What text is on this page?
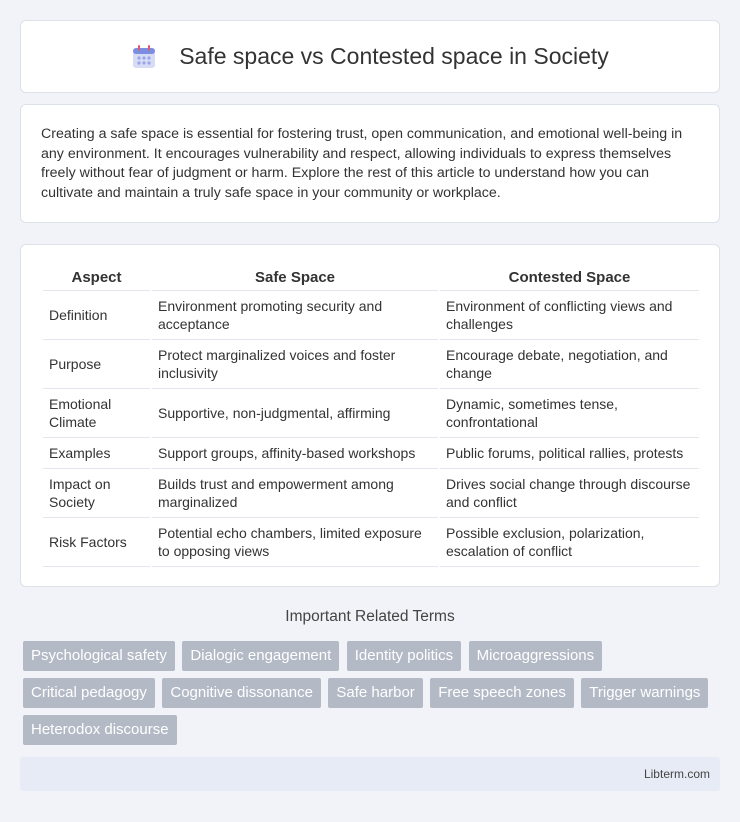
Safe space vs Contested space in Society

Creating a safe space is essential for fostering trust, open communication, and emotional well-being in any environment. It encourages vulnerability and respect, allowing individuals to express themselves freely without fear of judgment or harm. Explore the rest of this article to understand how you can cultivate and maintain a truly safe space in your community or workplace.

Aspect	Safe Space	Contested Space
Definition	Environment promoting security and acceptance	Environment of conflicting views and challenges
Purpose	Protect marginalized voices and foster inclusivity	Encourage debate, negotiation, and change
Emotional Climate	Supportive, non-judgmental, affirming	Dynamic, sometimes tense, confrontational
Examples	Support groups, affinity-based workshops	Public forums, political rallies, protests
Impact on Society	Builds trust and empowerment among marginalized	Drives social change through discourse and conflict
Risk Factors	Potential echo chambers, limited exposure to opposing views	Possible exclusion, polarization, escalation of conflict
Important Related Terms
Psychological safety Dialogic engagement Identity politics Microaggressions Critical pedagogy Cognitive dissonance Safe harbor Free speech zones Trigger warnings Heterodox discourse
Libterm.com
